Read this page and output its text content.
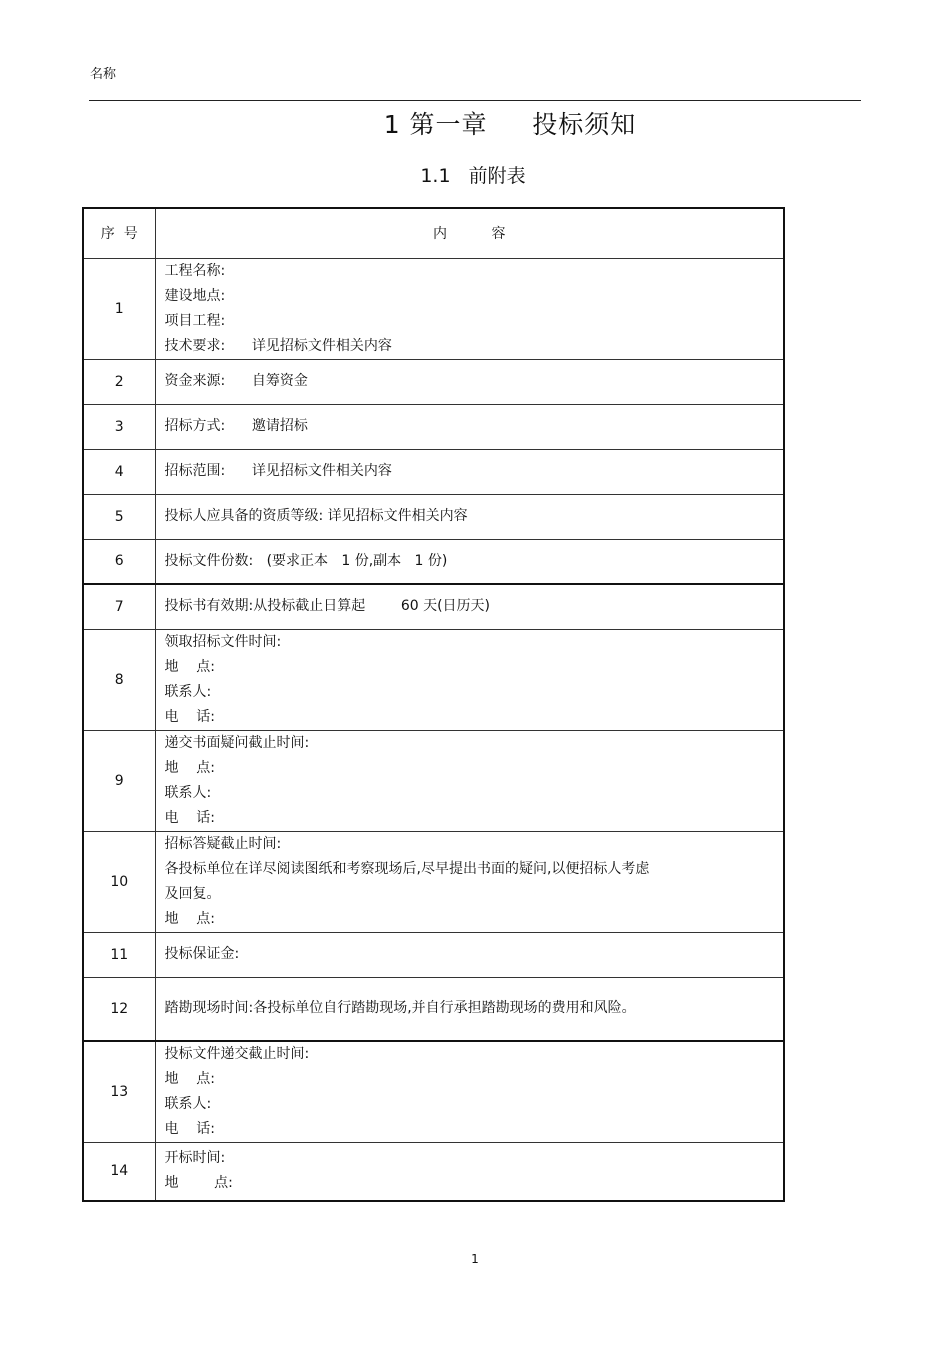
名称
1 第一章     投标须知
1.1   前附表
序  号	内          容
1	工程名称:
建设地点:
项目工程:
技术要求:      详见招标文件相关内容

2	资金来源:      自筹资金

3	招标方式:      邀请招标

4	招标范围:      详见招标文件相关内容

5	投标人应具备的资质等级: 详见招标文件相关内容

6	投标文件份数:   (要求正本   1 份,副本   1 份)

7	投标书有效期:从投标截止日算起        60 天(日历天)

8	领取招标文件时间:
地    点:
联系人:
电    话:

9	递交书面疑问截止时间:
地    点:
联系人:
电    话:

10	招标答疑截止时间:
各投标单位在详尽阅读图纸和考察现场后,尽早提出书面的疑问,以便招标人考虑
及回复。
地    点:

11	投标保证金:

12	踏勘现场时间:各投标单位自行踏勘现场,并自行承担踏勘现场的费用和风险。

13	投标文件递交截止时间:
地    点:
联系人:
电    话:

14	开标时间:
地        点:
1
